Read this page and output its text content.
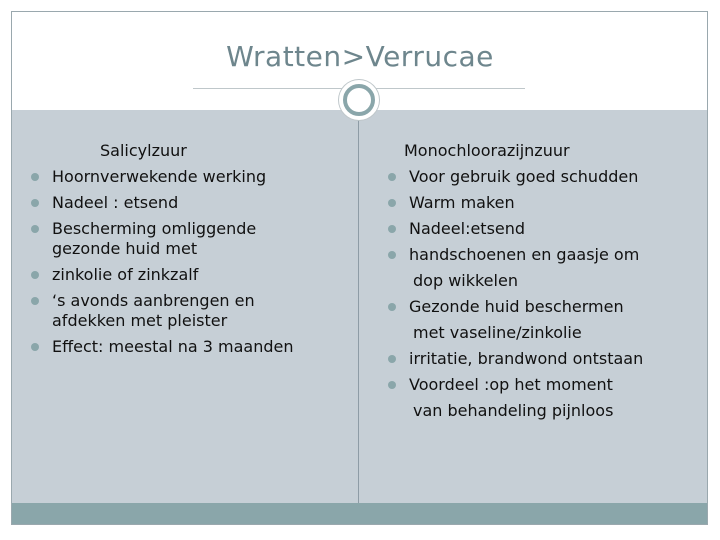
Wratten>Verrucae
Salicylzuur
Hoornverwekende werking
Nadeel : etsend
Bescherming omliggende
gezonde huid met
zinkolie of zinkzalf
‘s avonds aanbrengen en
afdekken met pleister
Effect: meestal na 3 maanden
Monochloorazijnzuur
Voor gebruik goed schudden
Warm maken
Nadeel:etsend
handschoenen en gaasje om
dop wikkelen
Gezonde huid beschermen
met vaseline/zinkolie
irritatie, brandwond ontstaan
Voordeel :op het moment
van behandeling pijnloos
